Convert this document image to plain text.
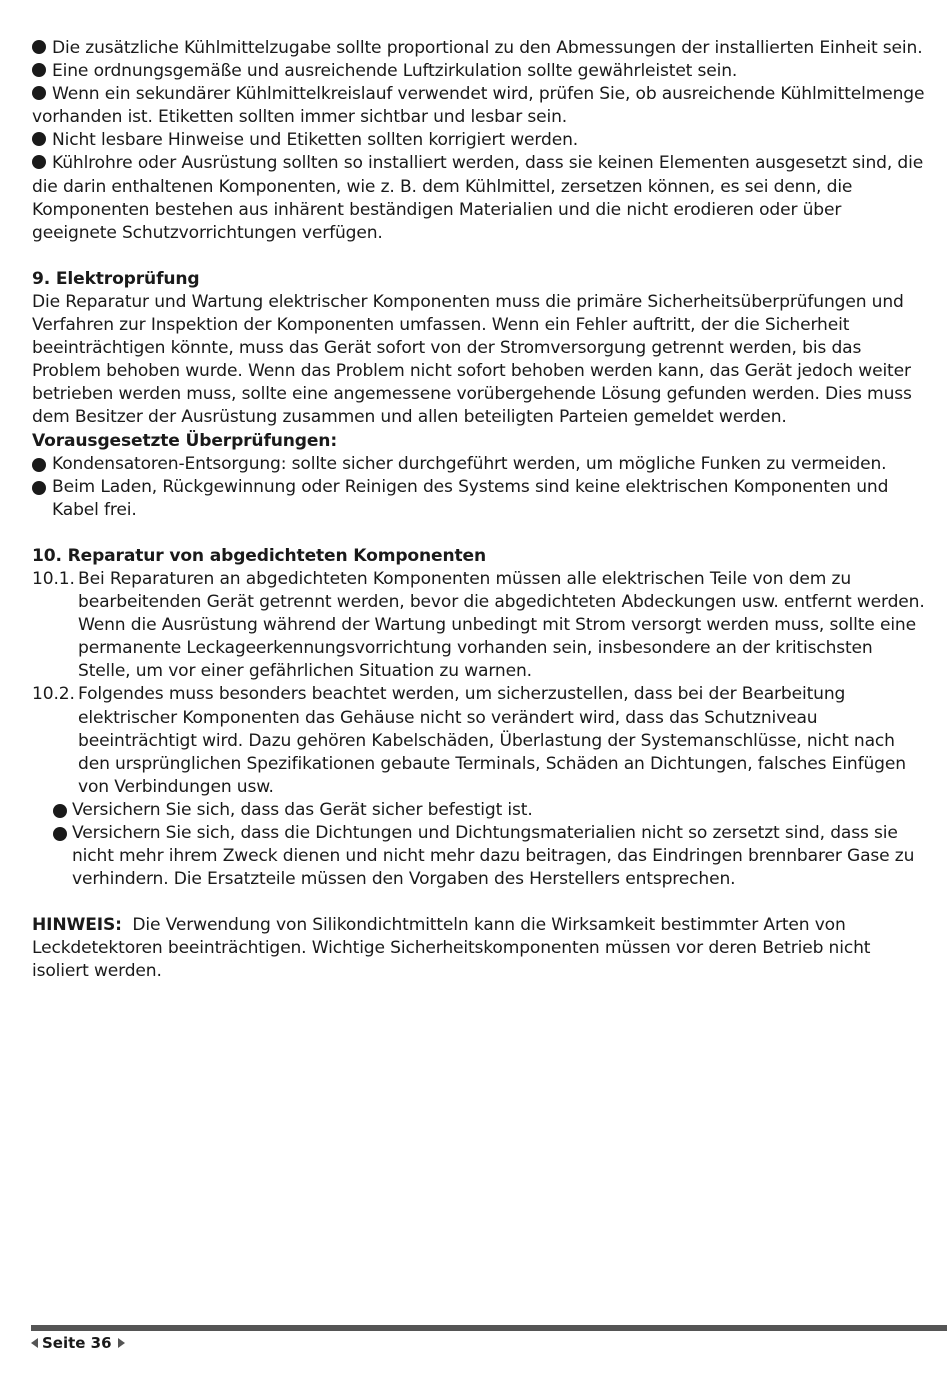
Die zusätzliche Kühlmittelzugabe sollte proportional zu den Abmessungen der installierten Einheit sein.

Eine ordnungsgemäße und ausreichende Luftzirkulation sollte gewährleistet sein.

Wenn ein sekundärer Kühlmittelkreislauf verwendet wird, prüfen Sie, ob ausreichende Kühlmittelmenge vorhanden ist. Etiketten sollten immer sichtbar und lesbar sein.

Nicht lesbare Hinweise und Etiketten sollten korrigiert werden.

Kühlrohre oder Ausrüstung sollten so installiert werden, dass sie keinen Elementen ausgesetzt sind, die die darin enthaltenen Komponenten, wie z. B. dem Kühlmittel, zersetzen können, es sei denn, die Komponenten bestehen aus inhärent beständigen Materialien und die nicht erodieren oder über geeignete Schutzvorrichtungen verfügen.

9. Elektroprüfung

Die Reparatur und Wartung elektrischer Komponenten muss die primäre Sicherheitsüberprüfungen und Verfahren zur Inspektion der Komponenten umfassen. Wenn ein Fehler auftritt, der die Sicherheit beeinträchtigen könnte, muss das Gerät sofort von der Stromversorgung getrennt werden, bis das Problem behoben wurde. Wenn das Problem nicht sofort behoben werden kann, das Gerät jedoch weiter betrieben werden muss, sollte eine angemessene vorübergehende Lösung gefunden werden. Dies muss dem Besitzer der Ausrüstung zusammen und allen beteiligten Parteien gemeldet werden.

Vorausgesetzte Überprüfungen:

Kondensatoren-Entsorgung: sollte sicher durchgeführt werden, um mögliche Funken zu vermeiden.

Beim Laden, Rückgewinnung oder Reinigen des Systems sind keine elektrischen Komponenten und Kabel frei.

10. Reparatur von abgedichteten Komponenten

10.1. Bei Reparaturen an abgedichteten Komponenten müssen alle elektrischen Teile von dem zu bearbeitenden Gerät getrennt werden, bevor die abgedichteten Abdeckungen usw. entfernt werden. Wenn die Ausrüstung während der Wartung unbedingt mit Strom versorgt werden muss, sollte eine permanente Leckageerkennungsvorrichtung vorhanden sein, insbesondere an der kritischsten Stelle, um vor einer gefährlichen Situation zu warnen.

10.2. Folgendes muss besonders beachtet werden, um sicherzustellen, dass bei der Bearbeitung elektrischer Komponenten das Gehäuse nicht so verändert wird, dass das Schutzniveau beeinträchtigt wird. Dazu gehören Kabelschäden, Überlastung der Systemanschlüsse, nicht nach den ursprünglichen Spezifikationen gebaute Terminals, Schäden an Dichtungen, falsches Einfügen von Verbindungen usw.

Versichern Sie sich, dass das Gerät sicher befestigt ist.

Versichern Sie sich, dass die Dichtungen und Dichtungsmaterialien nicht so zersetzt sind, dass sie nicht mehr ihrem Zweck dienen und nicht mehr dazu beitragen, das Eindringen brennbarer Gase zu verhindern. Die Ersatzteile müssen den Vorgaben des Herstellers entsprechen.

HINWEIS: Die Verwendung von Silikondichtmitteln kann die Wirksamkeit bestimmter Arten von Leckdetektoren beeinträchtigen. Wichtige Sicherheitskomponenten müssen vor deren Betrieb nicht isoliert werden.

Seite 36
